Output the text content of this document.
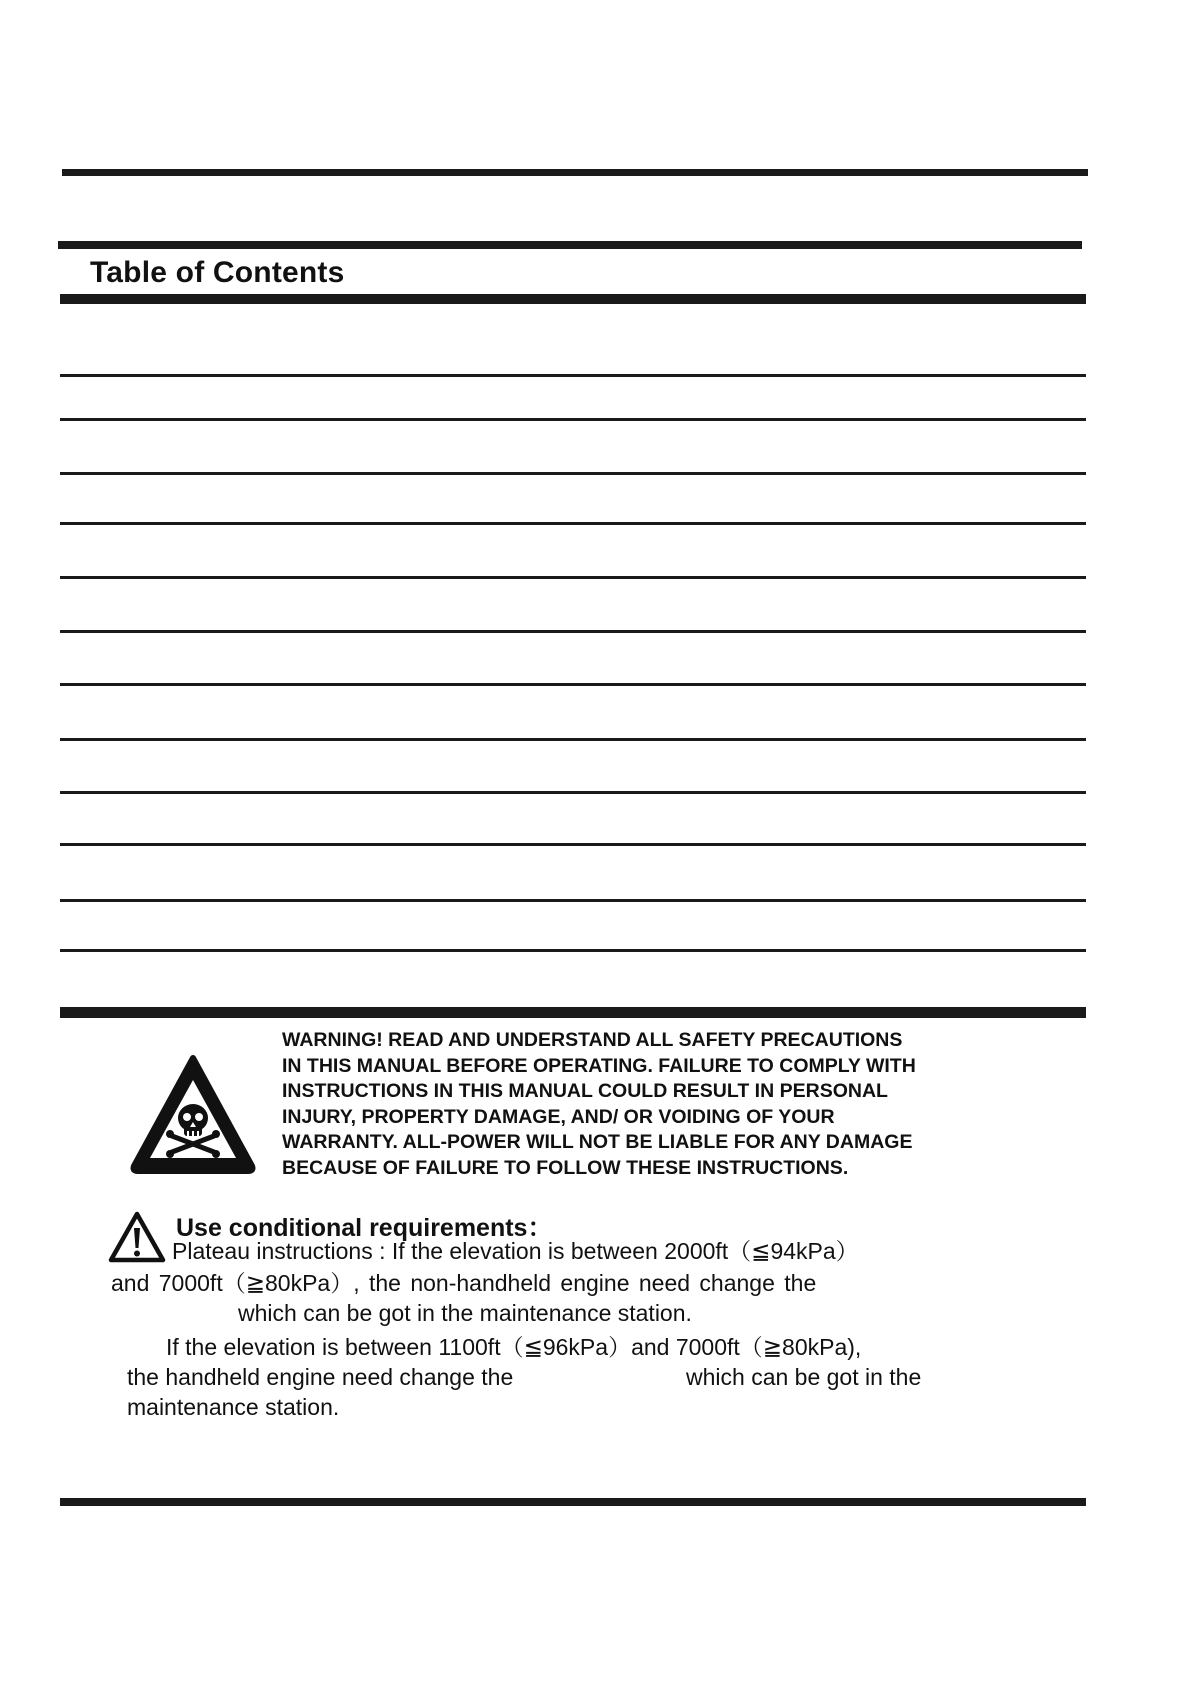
Table of Contents
WARNING! READ AND UNDERSTAND ALL SAFETY PRECAUTIONS
IN THIS MANUAL BEFORE OPERATING. FAILURE TO COMPLY WITH
INSTRUCTIONS IN THIS MANUAL COULD RESULT IN PERSONAL
INJURY, PROPERTY DAMAGE, AND/ OR VOIDING OF YOUR
WARRANTY. ALL-POWER WILL NOT BE LIABLE FOR ANY DAMAGE
BECAUSE OF FAILURE TO FOLLOW THESE INSTRUCTIONS.
Use conditional requirements：

Plateau instructions : If the elevation is between 2000ft（≦94kPa）

and 7000ft（≧80kPa）, the non-handheld engine need change the

which can be got in the maintenance station.

If the elevation is between 1100ft（≦96kPa）and 7000ft（≧80kPa),

the handheld engine need change the	which can be got in the

maintenance station.
